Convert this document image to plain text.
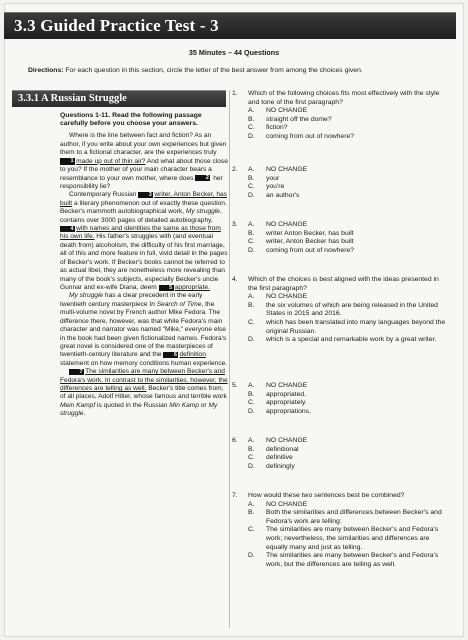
3.3 Guided Practice Test - 3
35 Minutes – 44 Questions
Directions: For each question in this section, circle the letter of the best answer from among the choices given.
3.3.1 A Russian Struggle
Questions 1-11. Read the following passage carefully before you choose your answers.

Where is the line between fact and fiction? As an author, if you write about your own experiences but given them to a fictional character, are the experiences truly 1 made up out of thin air? And what about those close to you? If the mother of your main character bears a resemblance to your own mother, where does 2 her responsibility lie?

Contemporary Russian 3 writer, Anton Becker, has built a literary phenomenon out of exactly these question. Becker's mammoth autobiographical work, My struggle, contains over 3000 pages of detailed autobiography, 4 with names and identities the same as those from his own life. His father's struggles with (and eventual death from) alcoholism, the difficulty of his first marriage, all of this and more feature in full, vivid detail in the pages of Becker's work. If Becker's books cannot be referred to as actual libel, they are nonetheless more revealing than many of the book's subjects, especially Becker's uncle Gunnar and ex-wife Diana, deem 5 appropriate.

My struggle has a clear precedent in the early twentieth century masterpiece In Search of Time, the multi-volume novel by French author Mike Fedora. The difference there, however, was that while Fedora's main character and narrator was named "Mike," everyone else in the book had been given fictionalized names. Fedora's great novel is considered one of the masterpieces of twentieth-century literature and the 6 definition statement on how memory conditions human experience.

7 The similarities are many between Becker's and Fedora's work. In contrast to the similarities, however, the differences are telling as well. Becker's title comes from, of all places, Adolf Hitler, whose famous and terrible work Mein Kampf is quoted in the Russian Min Kamp or My struggle.

1. Which of the following choices fits most effectively with the style and tone of the first paragraph?
A. NO CHANGE
B. straight off the dome?
C. fiction?
D. coming from out of nowhere?
2. A. NO CHANGE
B. your
C. you're
D. an author's
3. A. NO CHANGE
B. writer Anton Becker, has built
C. writer, Anton Becker has built
D. coming from out of nowhere?
4. Which of the choices is best aligned with the ideas presented in the first paragraph?
A. NO CHANGE
B. the six volumes of which are being released in the United States in 2015 and 2016.
C. which has been translated into many languages beyond the original Russian.
D. which is a special and remarkable work by a great writer.
5. A. NO CHANGE
B. appropriated.
C. appropriately.
D. appropriations.
6. A. NO CHANGE
B. definitional
C. definitive
D. definingly
7. How would these two sentences best be combined?
A. NO CHANGE
B. Both the similarities and differences between Becker's and Fedora's work are telling:
C. The similarities are many between Becker's and Fedora's work; nevertheless, the similarities and differences are equally many and just as telling.
D. The similarities are many between Becker's and Fedora's work, but the differences are telling as well.
